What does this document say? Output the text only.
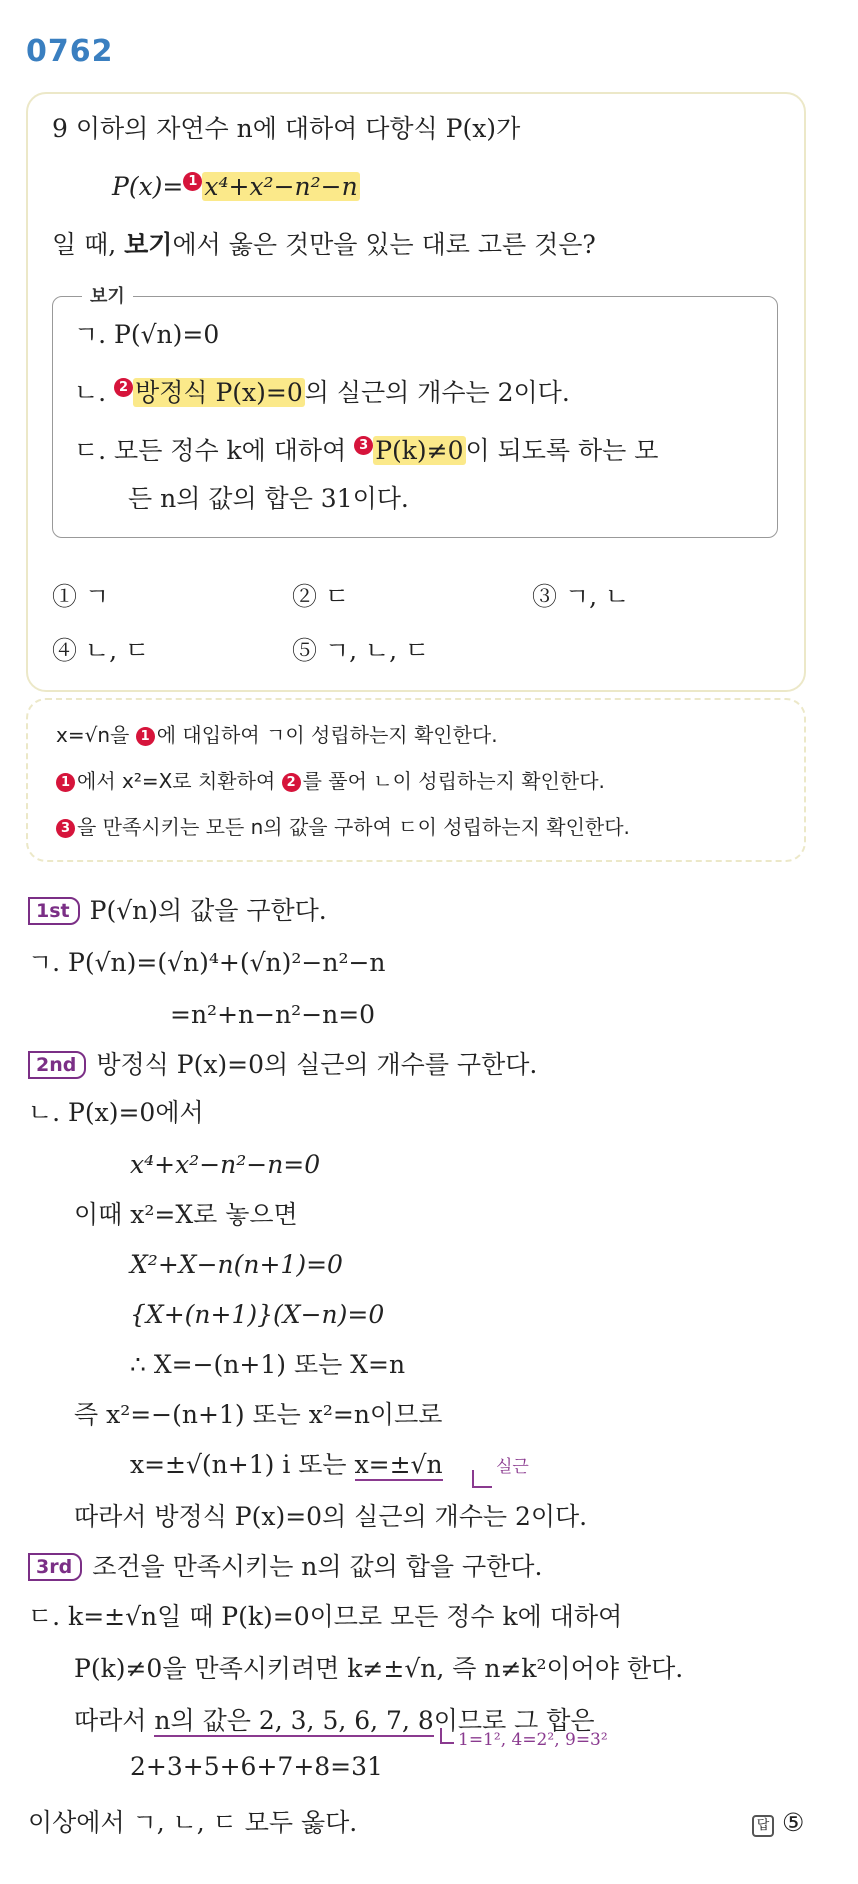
0762
9 이하의 자연수 n에 대하여 다항식 P(x)가
P(x)= 1 x⁴+x²−n²−n
일 때, 보기에서 옳은 것만을 있는 대로 고른 것은?
보기
ㄱ. P(√n)=0
ㄴ. 2 방정식 P(x)=0의 실근의 개수는 2이다.
ㄷ. 모든 정수 k에 대하여 3 P(k)≠0이 되도록 하는 모
든 n의 값의 합은 31이다.
① ㄱ	② ㄷ	③ ㄱ, ㄴ
④ ㄴ, ㄷ	⑤ ㄱ, ㄴ, ㄷ
x=√n을 1 에 대입하여 ㄱ이 성립하는지 확인한다.
1 에서 x²=X로 치환하여 2 를 풀어 ㄴ이 성립하는지 확인한다.
3 을 만족시키는 모든 n의 값을 구하여 ㄷ이 성립하는지 확인한다.
1st P(√n)의 값을 구한다.
ㄱ. P(√n)=(√n)⁴+(√n)²−n²−n
=n²+n−n²−n=0
2nd 방정식 P(x)=0의 실근의 개수를 구한다.
ㄴ. P(x)=0에서
x⁴+x²−n²−n=0
이때 x²=X로 놓으면
X²+X−n(n+1)=0
{X+(n+1)}(X−n)=0
∴ X=−(n+1) 또는 X=n
즉 x²=−(n+1) 또는 x²=n이므로
x=±√(n+1) i 또는 x=±√n	실근
따라서 방정식 P(x)=0의 실근의 개수는 2이다.
3rd 조건을 만족시키는 n의 값의 합을 구한다.
ㄷ. k=±√n일 때 P(k)=0이므로 모든 정수 k에 대하여
P(k)≠0을 만족시키려면 k≠±√n, 즉 n≠k²이어야 한다.
따라서 n의 값은 2, 3, 5, 6, 7, 8이므로 그 합은
1=1², 4=2², 9=3²
2+3+5+6+7+8=31
이상에서 ㄱ, ㄴ, ㄷ 모두 옳다.	답 ⑤
